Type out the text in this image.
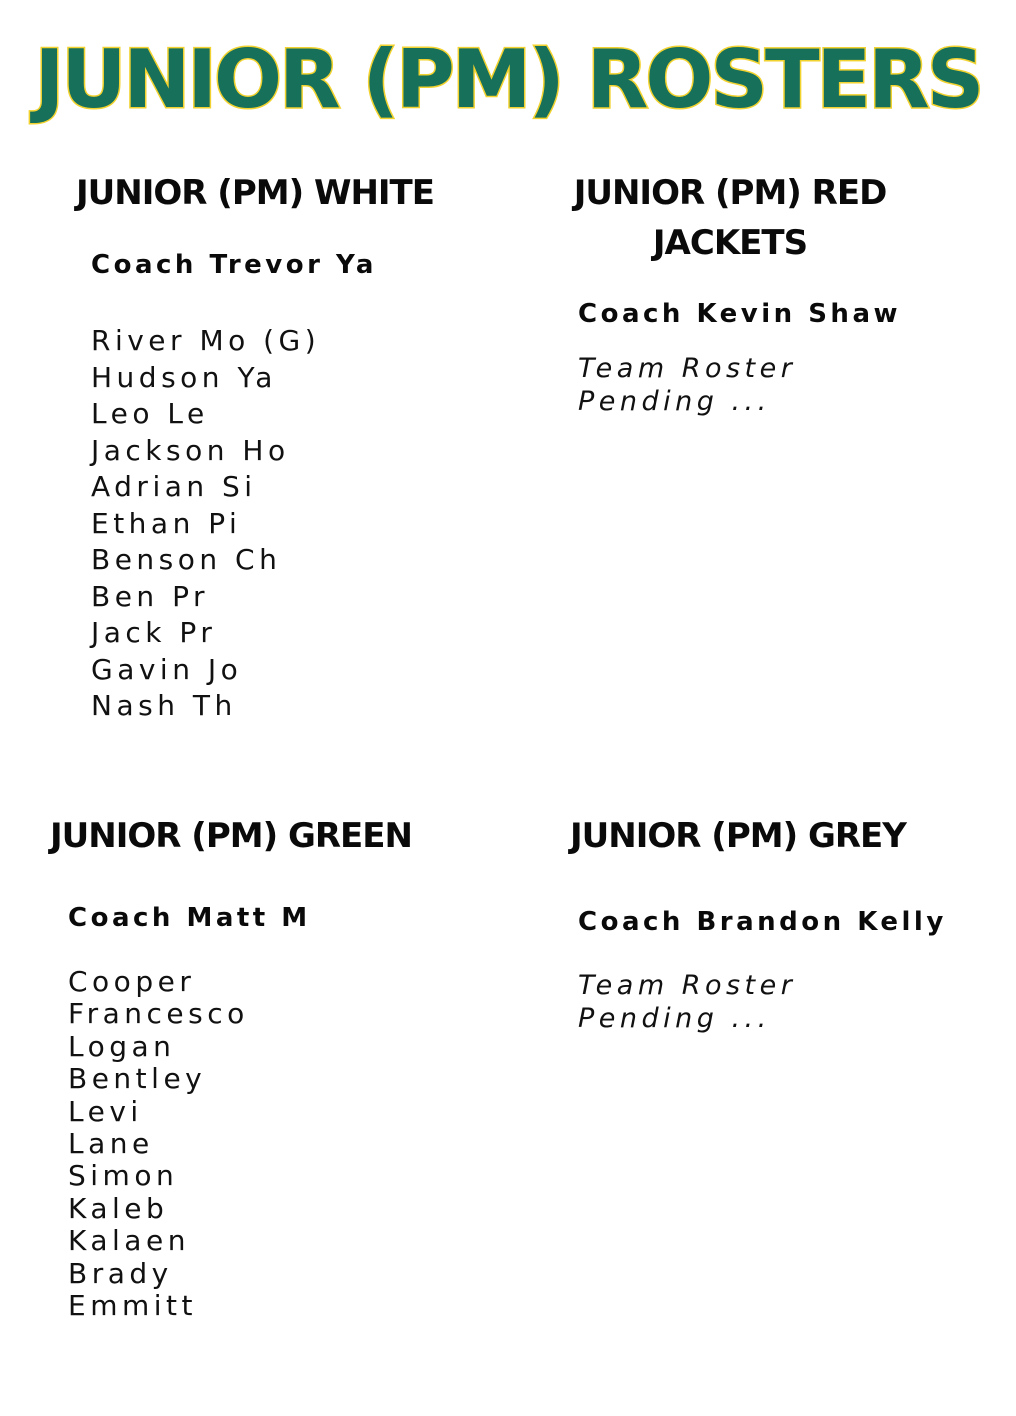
JUNIOR (PM) ROSTERS
JUNIOR (PM) WHITE
Coach Trevor Ya
River Mo (G)
Hudson Ya
Leo Le
Jackson Ho
Adrian Si
Ethan Pi
Benson Ch
Ben Pr
Jack Pr
Gavin Jo
Nash Th
JUNIOR (PM) RED JACKETS
Coach Kevin Shaw
Team Roster Pending ...
JUNIOR (PM) GREEN
Coach Matt M
Cooper
Francesco
Logan
Bentley
Levi
Lane
Simon
Kaleb
Kalaen
Brady
Emmitt
JUNIOR (PM) GREY
Coach Brandon Kelly
Team Roster Pending ...
